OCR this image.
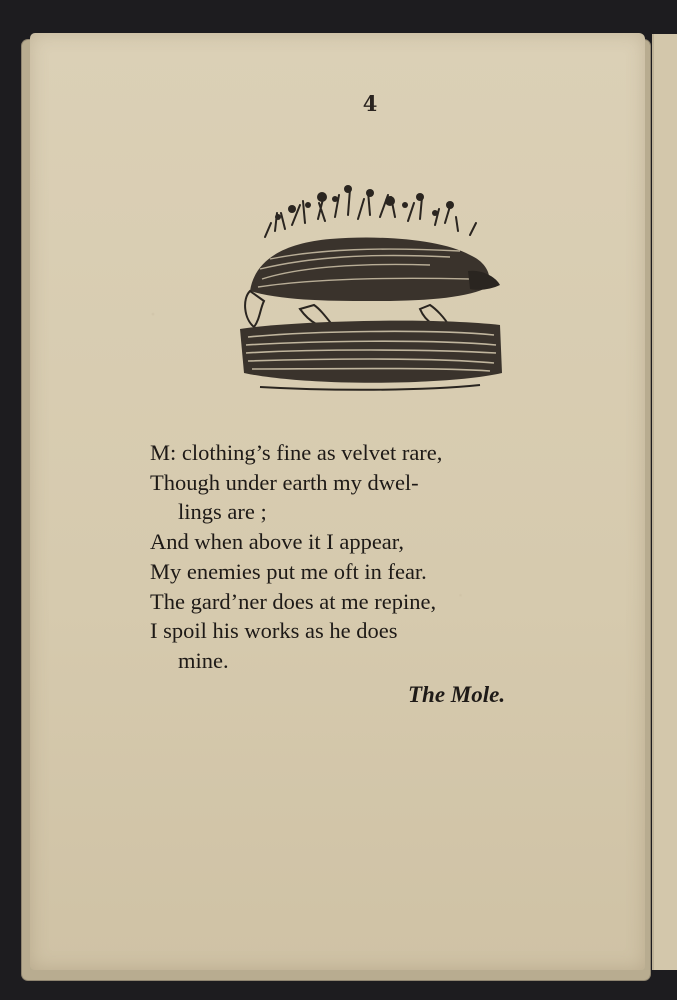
4
M: clothing’s fine as velvet rare,
Though under earth my dwel-
lings are ;
And when above it I appear,
My enemies put me oft in fear.
The gard’ner does at me repine,
I spoil his works as he does
mine.
The Mole.
